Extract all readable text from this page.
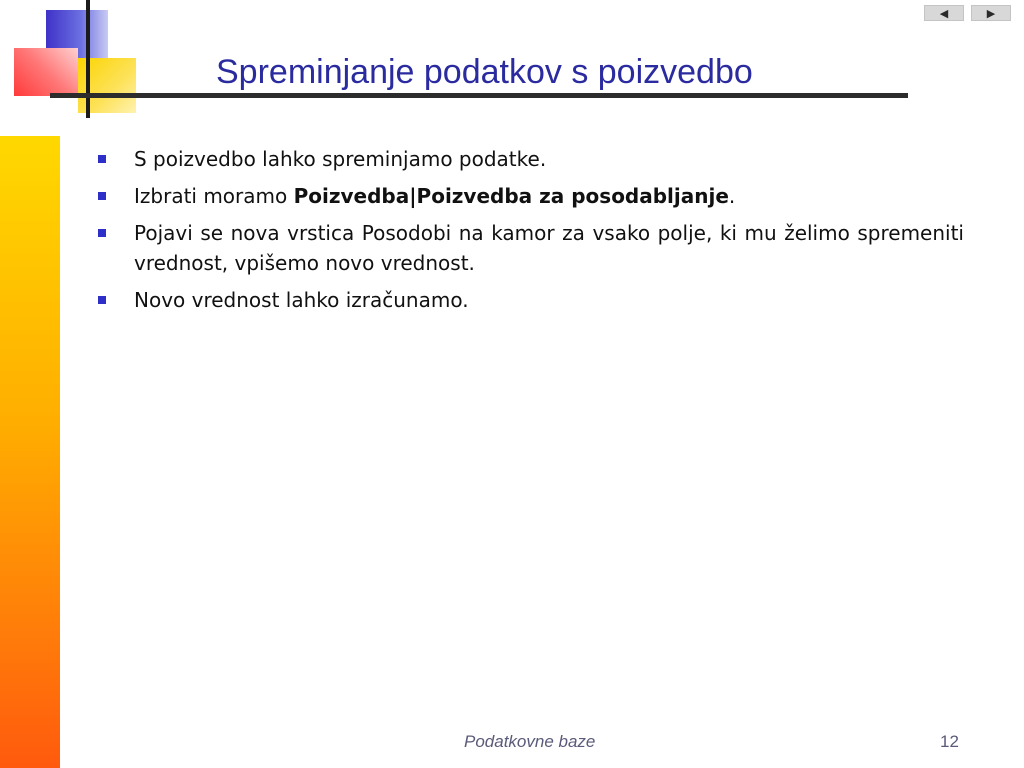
◀	▶
Spreminjanje podatkov s poizvedbo
S poizvedbo lahko spreminjamo podatke.
Izbrati moramo Poizvedba|Poizvedba za posodabljanje.
Pojavi se nova vrstica Posodobi na kamor za vsako polje, ki mu želimo spremeniti vrednost, vpišemo novo vrednost.
Novo vrednost lahko izračunamo.
Podatkovne baze	12
